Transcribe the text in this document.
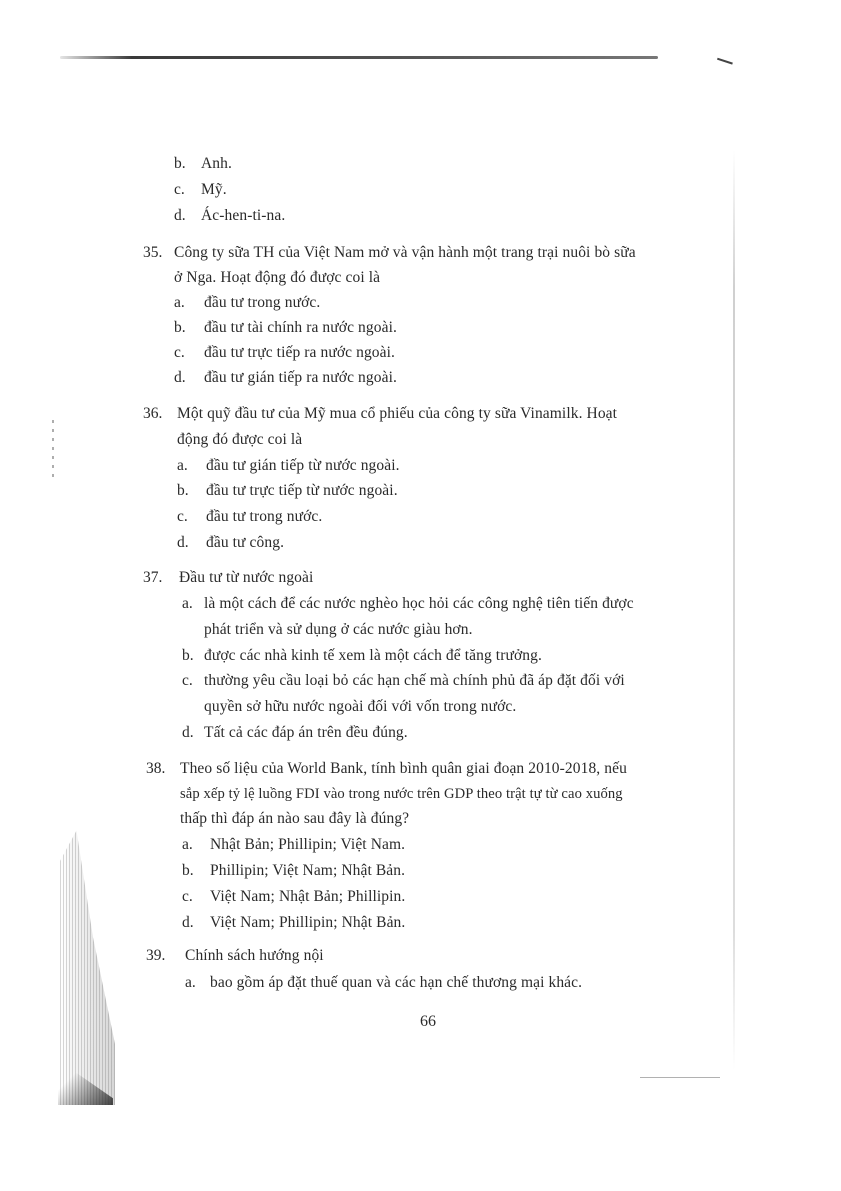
b. Anh.
c. Mỹ.
d. Ác-hen-ti-na.
35. Công ty sữa TH của Việt Nam mở và vận hành một trang trại nuôi bò sữa
ở Nga. Hoạt động đó được coi là
a. đầu tư trong nước.
b. đầu tư tài chính ra nước ngoài.
c. đầu tư trực tiếp ra nước ngoài.
d. đầu tư gián tiếp ra nước ngoài.
36. Một quỹ đầu tư của Mỹ mua cổ phiếu của công ty sữa Vinamilk. Hoạt
động đó được coi là
a. đầu tư gián tiếp từ nước ngoài.
b. đầu tư trực tiếp từ nước ngoài.
c. đầu tư trong nước.
d. đầu tư công.
37. Đầu tư từ nước ngoài
a. là một cách để các nước nghèo học hỏi các công nghệ tiên tiến được
phát triển và sử dụng ở các nước giàu hơn.
b. được các nhà kinh tế xem là một cách để tăng trưởng.
c. thường yêu cầu loại bỏ các hạn chế mà chính phủ đã áp đặt đối với
quyền sở hữu nước ngoài đối với vốn trong nước.
d. Tất cả các đáp án trên đều đúng.
38. Theo số liệu của World Bank, tính bình quân giai đoạn 2010-2018, nếu
sắp xếp tỷ lệ luồng FDI vào trong nước trên GDP theo trật tự từ cao xuống
thấp thì đáp án nào sau đây là đúng?
a. Nhật Bản; Phillipin; Việt Nam.
b. Phillipin; Việt Nam; Nhật Bản.
c. Việt Nam; Nhật Bản; Phillipin.
d. Việt Nam; Phillipin; Nhật Bản.
39. Chính sách hướng nội
a. bao gồm áp đặt thuế quan và các hạn chế thương mại khác.
66
